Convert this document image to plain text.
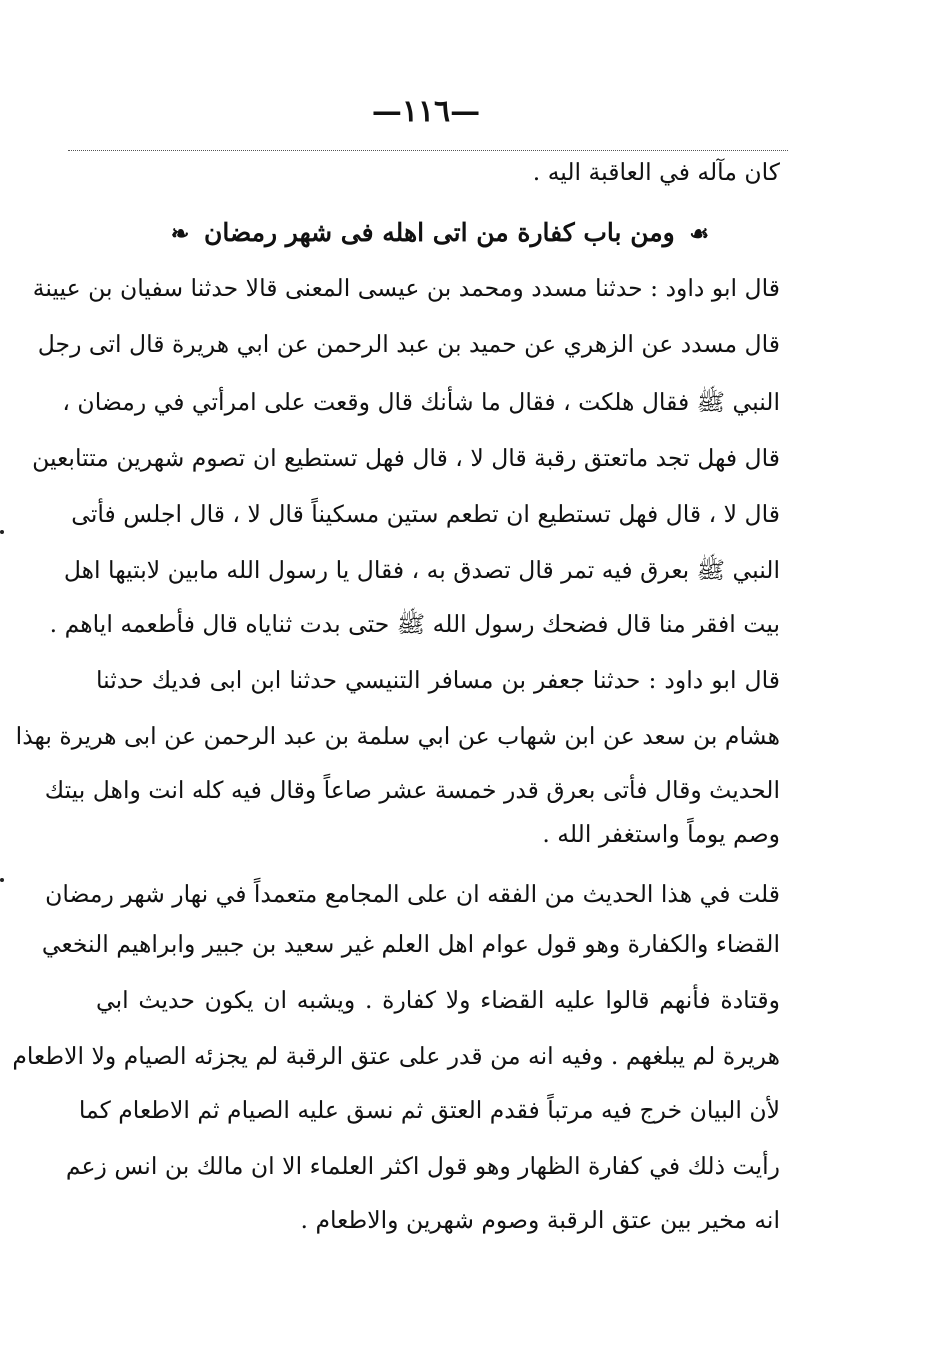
—١١٦—
كان مآله في العاقبة اليه .
☙ ومن باب كفارة من اتى اهله فى شهر رمضان ❧
قال ابو داود : حدثنا مسدد ومحمد بن عيسى المعنى قالا حدثنا سفيان بن عيينة
قال مسدد عن الزهري عن حميد بن عبد الرحمن عن ابي هريرة قال اتى رجل
النبي ﷺ فقال هلكت ، فقال ما شأنك قال وقعت على امرأتي في رمضان ،
قال فهل تجد ماتعتق رقبة قال لا ، قال فهل تستطيع ان تصوم شهرين متتابعين
قال لا ، قال فهل تستطيع ان تطعم ستين مسكيناً قال لا ، قال اجلس فأتى
النبي ﷺ بعرق فيه تمر قال تصدق به ، فقال يا رسول الله مابين لابتيها اهل
بيت افقر منا قال فضحك رسول الله ﷺ حتى بدت ثناياه قال فأطعمه اياهم .
قال ابو داود : حدثنا جعفر بن مسافر التنيسي حدثنا ابن ابى فديك حدثنا
هشام بن سعد عن ابن شهاب عن ابي سلمة بن عبد الرحمن عن ابى هريرة بهذا
الحديث وقال فأتى بعرق قدر خمسة عشر صاعاً وقال فيه كله انت واهل بيتك
وصم يوماً واستغفر الله .
قلت في هذا الحديث من الفقه ان على المجامع متعمداً في نهار شهر رمضان
القضاء والكفارة وهو قول عوام اهل العلم غير سعيد بن جبير وابراهيم النخعي
وقتادة فأنهم قالوا عليه القضاء ولا كفارة . ويشبه ان يكون حديث ابي
هريرة لم يبلغهم . وفيه انه من قدر على عتق الرقبة لم يجزئه الصيام ولا الاطعام
لأن البيان خرج فيه مرتباً فقدم العتق ثم نسق عليه الصيام ثم الاطعام كما
رأيت ذلك في كفارة الظهار وهو قول اكثر العلماء الا ان مالك بن انس زعم
انه مخير بين عتق الرقبة وصوم شهرين والاطعام .
